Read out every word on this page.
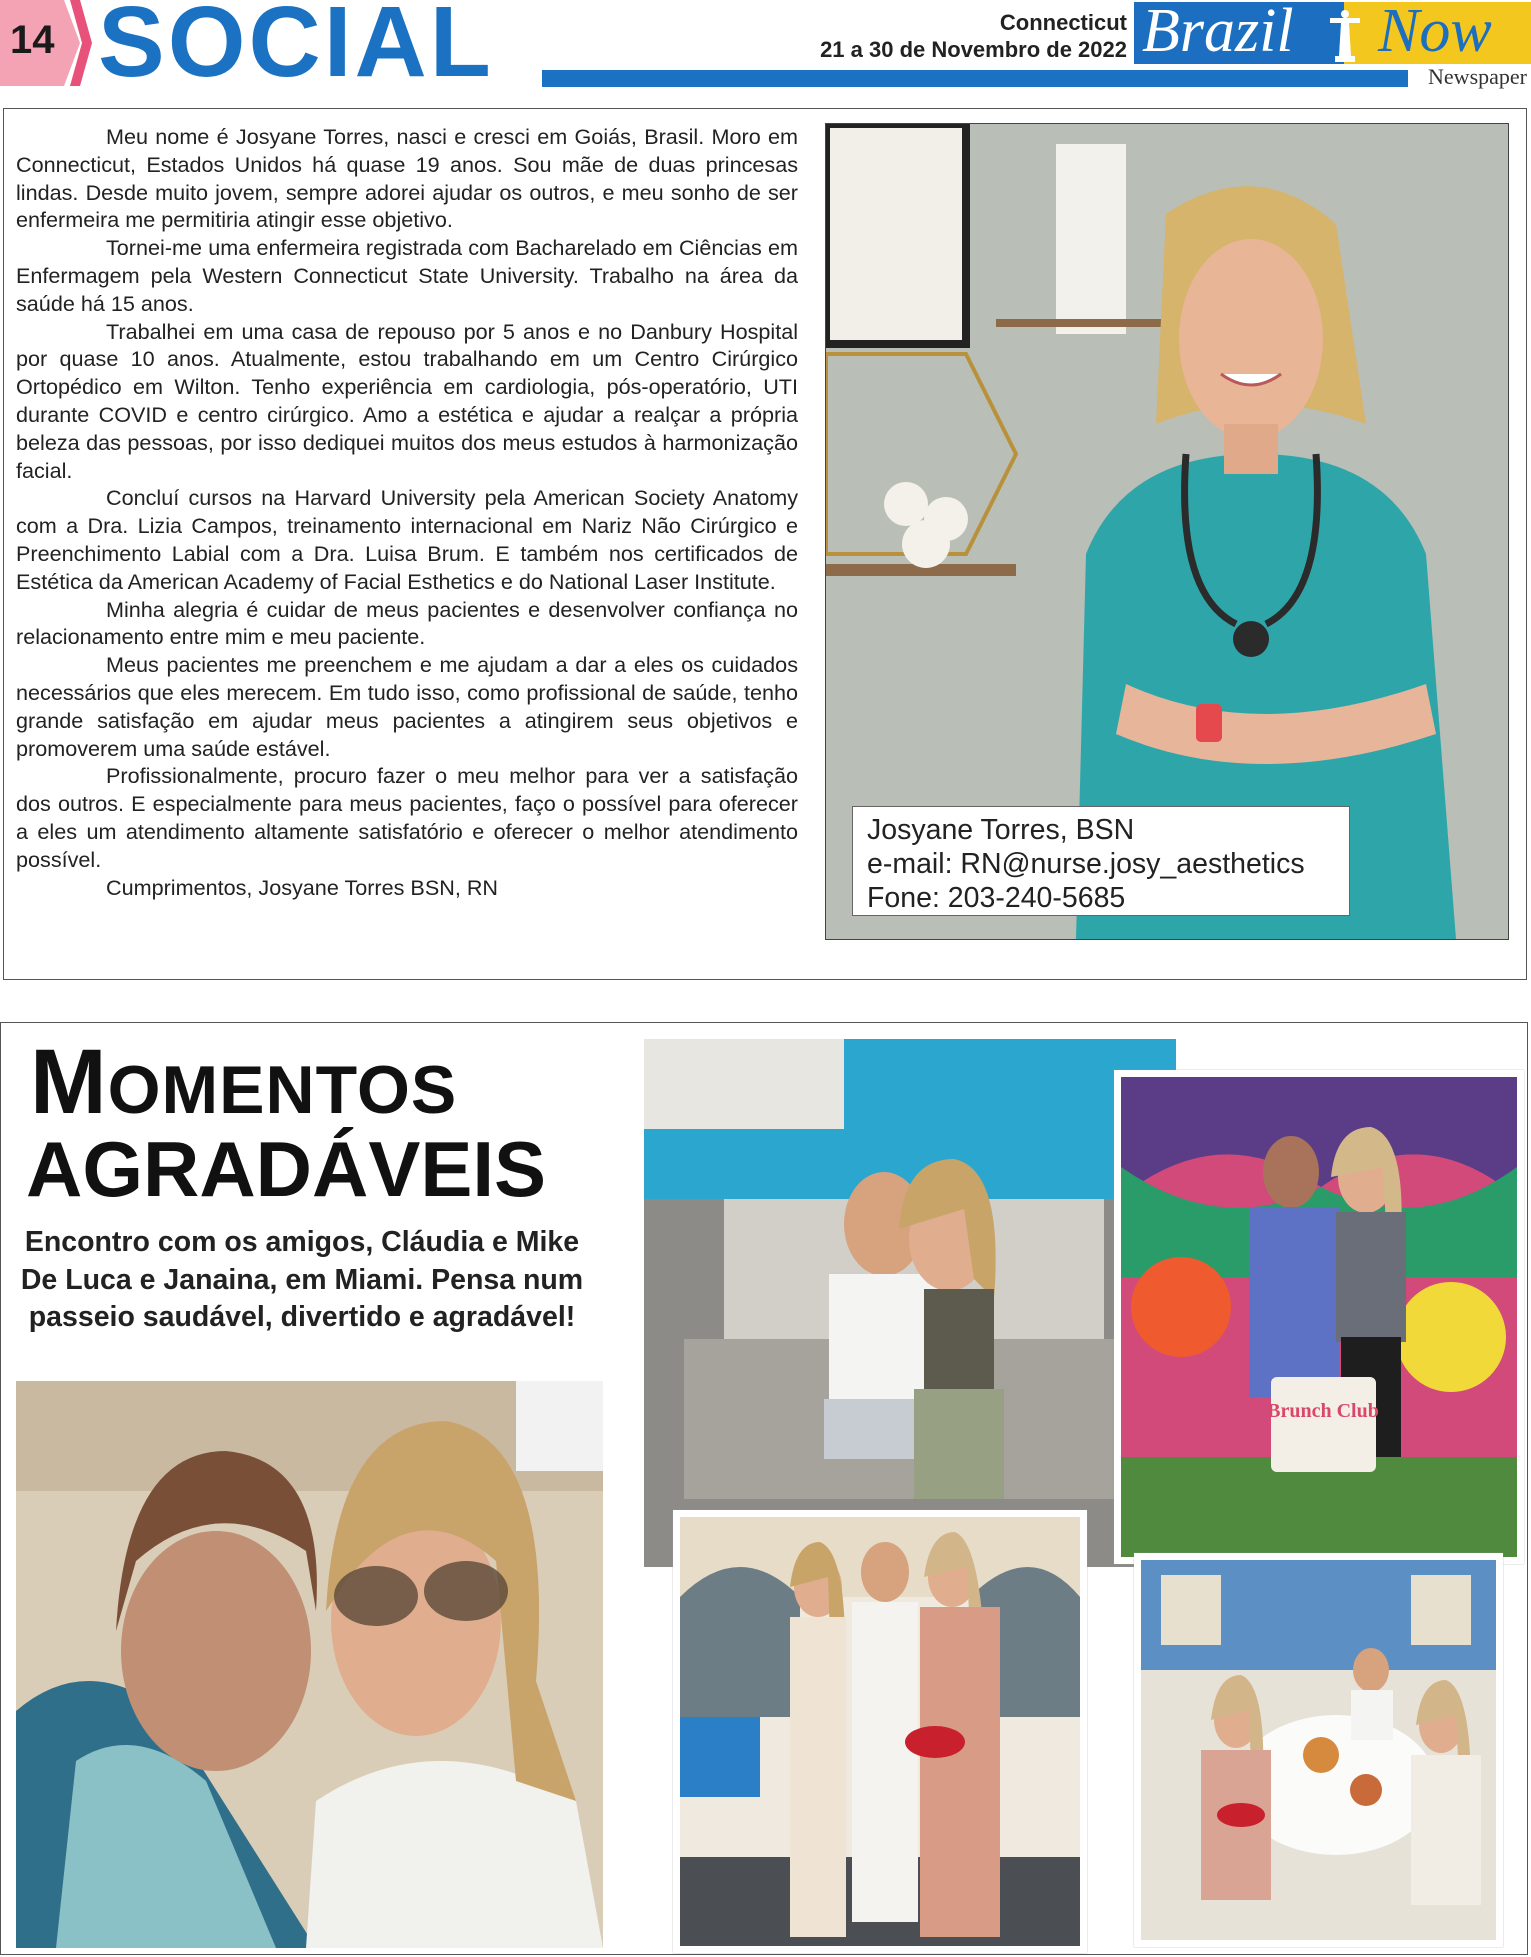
14 SOCIAL	Connecticut
21 a 30 de Novembro de 2022 Brazil Now
Newspaper

Meu nome é Josyane Torres, nasci e cresci em Goiás, Brasil. Moro em Connecticut, Estados Unidos há quase 19 anos. Sou mãe de duas princesas lindas. Desde muito jovem, sempre adorei ajudar os outros, e meu sonho de ser enfermeira me permitiria atingir esse objetivo.

Tornei-me uma enfermeira registrada com Bacharelado em Ciências em Enfermagem pela Western Connecticut State University. Trabalho na área da saúde há 15 anos.

Trabalhei em uma casa de repouso por 5 anos e no Danbury Hospital por quase 10 anos. Atualmente, estou trabalhando em um Centro Cirúrgico Ortopédico em Wilton. Tenho experiência em cardiologia, pós-operatório, UTI durante COVID e centro cirúrgico. Amo a estética e ajudar a realçar a própria beleza das pessoas, por isso dediquei muitos dos meus estudos à harmonização facial.

Concluí cursos na Harvard University pela American Society Anatomy com a Dra. Lizia Campos, treinamento internacional em Nariz Não Cirúrgico e Preenchimento Labial com a Dra. Luisa Brum. E também nos certificados de Estética da American Academy of Facial Esthetics e do National Laser Institute.

Minha alegria é cuidar de meus pacientes e desenvolver confiança no relacionamento entre mim e meu paciente.

Meus pacientes me preenchem e me ajudam a dar a eles os cuidados necessários que eles merecem. Em tudo isso, como profissional de saúde, tenho grande satisfação em ajudar meus pacientes a atingirem seus objetivos e promoverem uma saúde estável.

Profissionalmente, procuro fazer o meu melhor para ver a satisfação dos outros. E especialmente para meus pacientes, faço o possível para oferecer a eles um atendimento altamente satisfatório e oferecer o melhor atendimento possível.

Cumprimentos, Josyane Torres BSN, RN

Josyane Torres, BSN
e-mail: RN@nurse.josy_aesthetics
Fone: 203-240-5685
MOMENTOS
AGRADÁVEIS
Encontro com os amigos, Cláudia e Mike De Luca e Janaina, em Miami. Pensa num passeio saudável, divertido e agradável!
Brunch Club
